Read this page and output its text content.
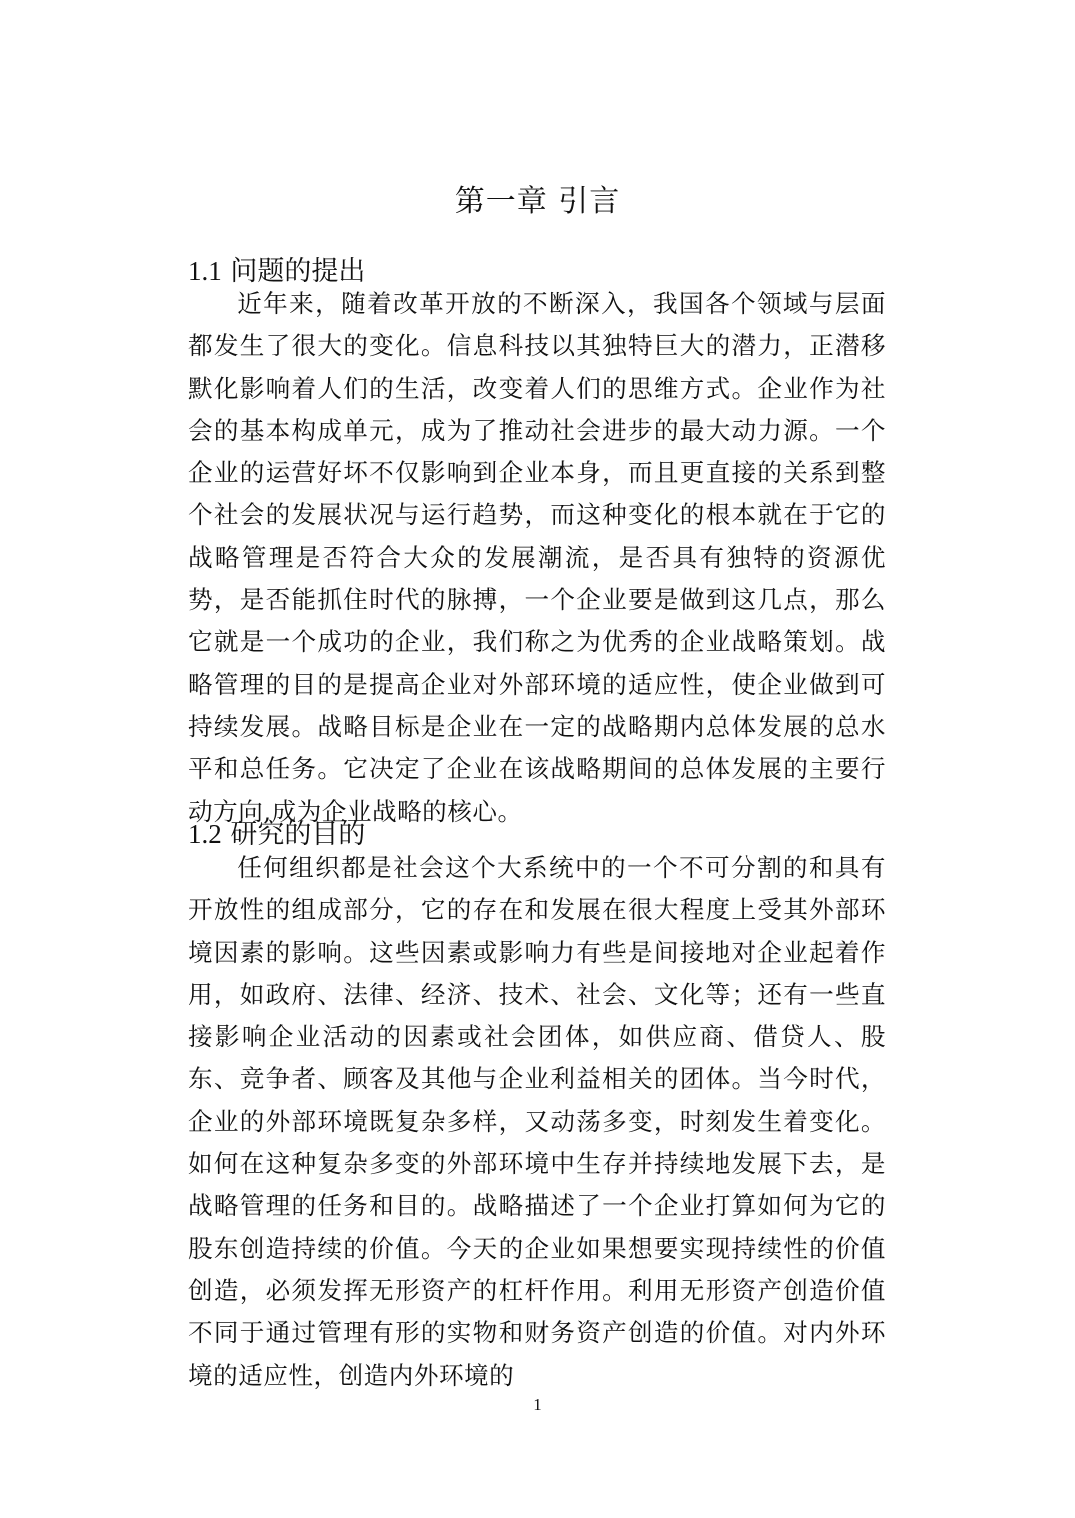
第一章 引言
1.1 问题的提出

近年来，随着改革开放的不断深入，我国各个领域与层面都发生了很大的变化。信息科技以其独特巨大的潜力，正潜移默化影响着人们的生活，改变着人们的思维方式。企业作为社会的基本构成单元，成为了推动社会进步的最大动力源。一个企业的运营好坏不仅影响到企业本身，而且更直接的关系到整个社会的发展状况与运行趋势，而这种变化的根本就在于它的战略管理是否符合大众的发展潮流，是否具有独特的资源优势，是否能抓住时代的脉搏，一个企业要是做到这几点，那么它就是一个成功的企业，我们称之为优秀的企业战略策划。战略管理的目的是提高企业对外部环境的适应性，使企业做到可持续发展。战略目标是企业在一定的战略期内总体发展的总水平和总任务。它决定了企业在该战略期间的总体发展的主要行动方向,成为企业战略的核心。

1.2 研究的目的

任何组织都是社会这个大系统中的一个不可分割的和具有开放性的组成部分，它的存在和发展在很大程度上受其外部环境因素的影响。这些因素或影响力有些是间接地对企业起着作用，如政府、法律、经济、技术、社会、文化等；还有一些直接影响企业活动的因素或社会团体，如供应商、借贷人、股东、竞争者、顾客及其他与企业利益相关的团体。当今时代，企业的外部环境既复杂多样，又动荡多变，时刻发生着变化。如何在这种复杂多变的外部环境中生存并持续地发展下去，是战略管理的任务和目的。战略描述了一个企业打算如何为它的股东创造持续的价值。今天的企业如果想要实现持续性的价值创造，必须发挥无形资产的杠杆作用。利用无形资产创造价值不同于通过管理有形的实物和财务资产创造的价值。对内外环境的适应性，创造内外环境的

1
